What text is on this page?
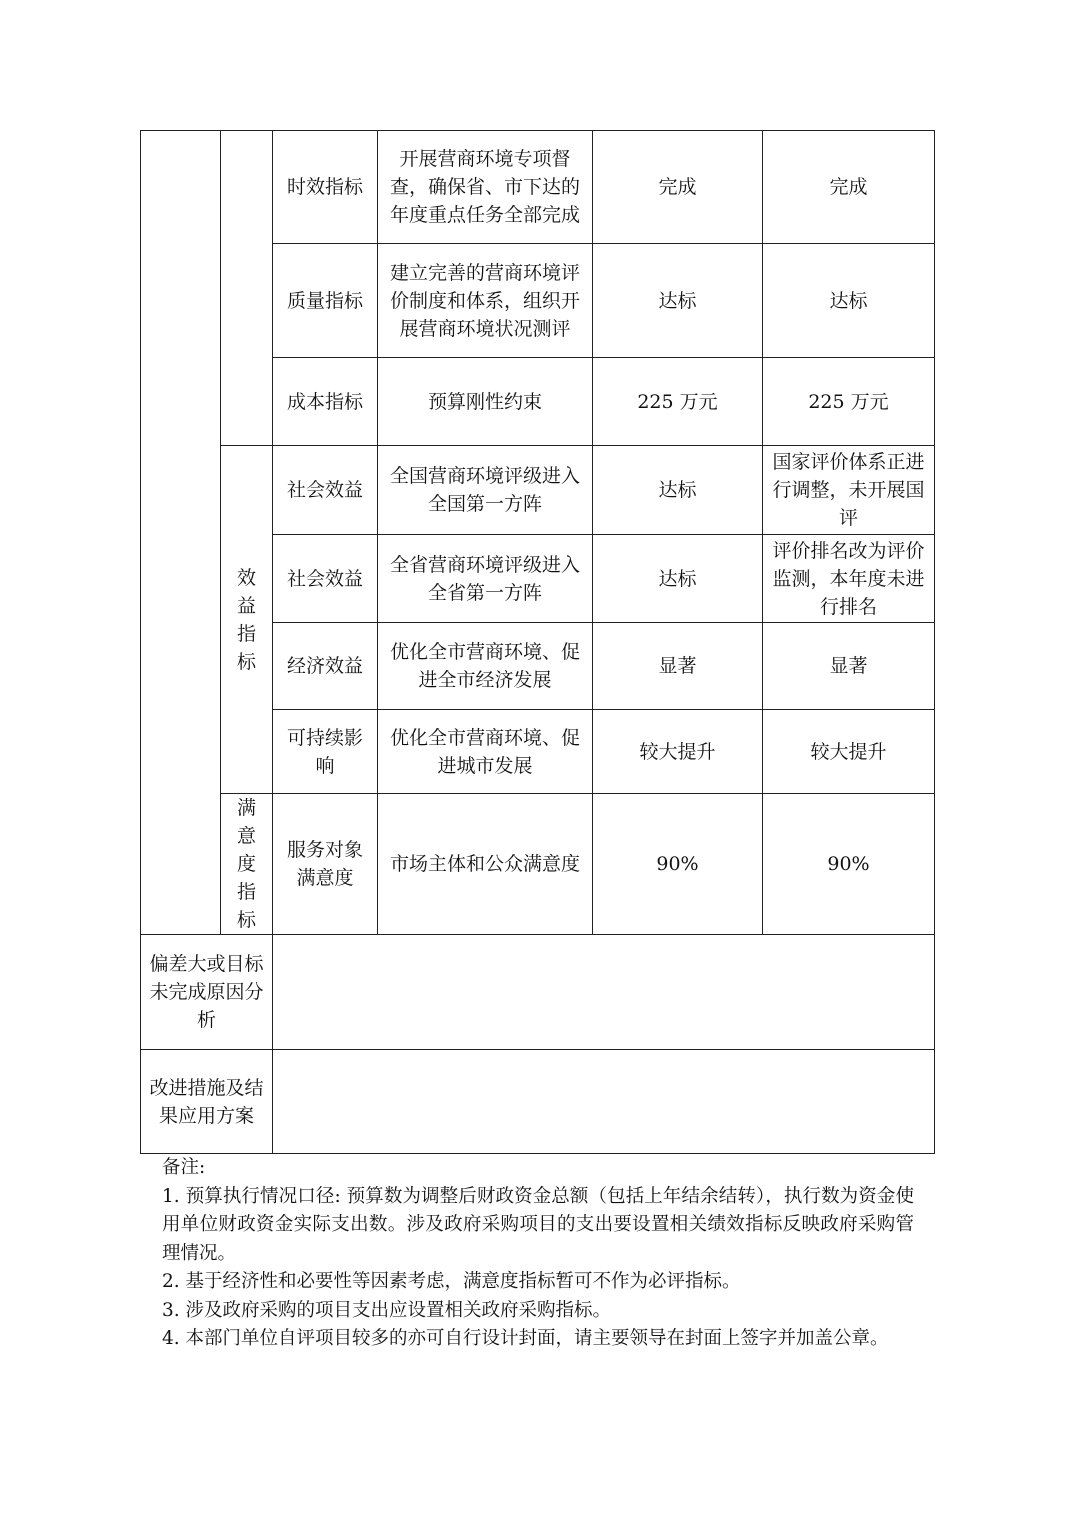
		时效指标	开展营商环境专项督查，确保省、市下达的年度重点任务全部完成	完成	完成
		质量指标	建立完善的营商环境评价制度和体系，组织开展营商环境状况测评	达标	达标
		成本指标	预算刚性约束	225 万元	225 万元

	效益指标	社会效益	全国营商环境评级进入全国第一方阵	达标	国家评价体系正进行调整，未开展国评
		社会效益	全省营商环境评级进入全省第一方阵	达标	评价排名改为评价监测，本年度未进行排名
		经济效益	优化全市营商环境、促进全市经济发展	显著	显著
		可持续影响	优化全市营商环境、促进城市发展	较大提升	较大提升

	满意度指标	服务对象满意度	市场主体和公众满意度	90%	90%
偏差大或目标未完成原因分析					
改进措施及结果应用方案					

备注:

1. 预算执行情况口径: 预算数为调整后财政资金总额（包括上年结余结转），执行数为资金使用单位财政资金实际支出数。涉及政府采购项目的支出要设置相关绩效指标反映政府采购管理情况。

2. 基于经济性和必要性等因素考虑，满意度指标暂可不作为必评指标。

3. 涉及政府采购的项目支出应设置相关政府采购指标。

4. 本部门单位自评项目较多的亦可自行设计封面，请主要领导在封面上签字并加盖公章。
